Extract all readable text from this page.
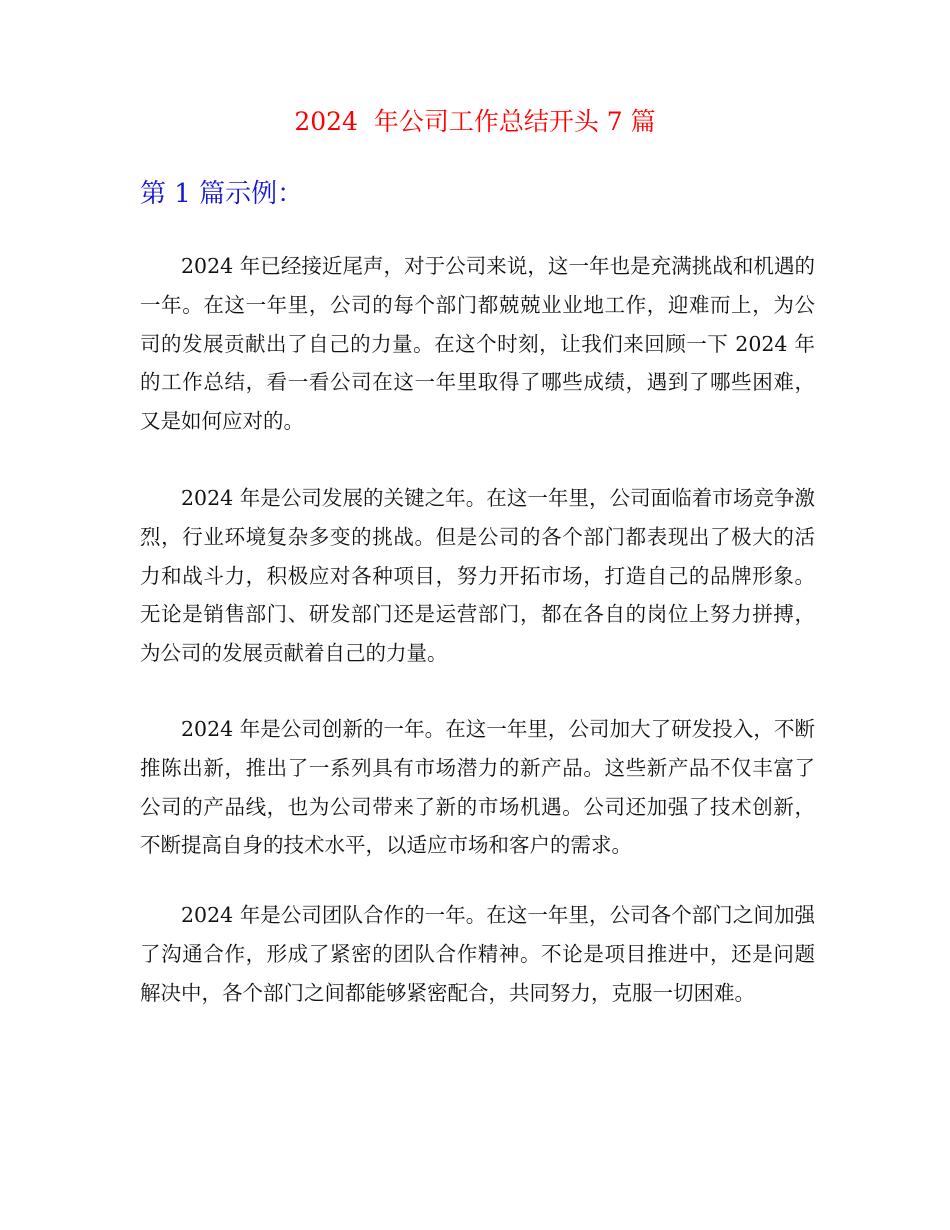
2024  年公司工作总结开头 7 篇
第 1 篇示例：

2024 年已经接近尾声，对于公司来说，这一年也是充满挑战和机遇的一年。在这一年里，公司的每个部门都兢兢业业地工作，迎难而上，为公司的发展贡献出了自己的力量。在这个时刻，让我们来回顾一下 2024 年的工作总结，看一看公司在这一年里取得了哪些成绩，遇到了哪些困难，又是如何应对的。

2024 年是公司发展的关键之年。在这一年里，公司面临着市场竞争激烈，行业环境复杂多变的挑战。但是公司的各个部门都表现出了极大的活力和战斗力，积极应对各种项目，努力开拓市场，打造自己的品牌形象。无论是销售部门、研发部门还是运营部门，都在各自的岗位上努力拼搏，为公司的发展贡献着自己的力量。

2024 年是公司创新的一年。在这一年里，公司加大了研发投入，不断推陈出新，推出了一系列具有市场潜力的新产品。这些新产品不仅丰富了公司的产品线，也为公司带来了新的市场机遇。公司还加强了技术创新，不断提高自身的技术水平，以适应市场和客户的需求。

2024 年是公司团队合作的一年。在这一年里，公司各个部门之间加强了沟通合作，形成了紧密的团队合作精神。不论是项目推进中，还是问题解决中，各个部门之间都能够紧密配合，共同努力，克服一切困难。
